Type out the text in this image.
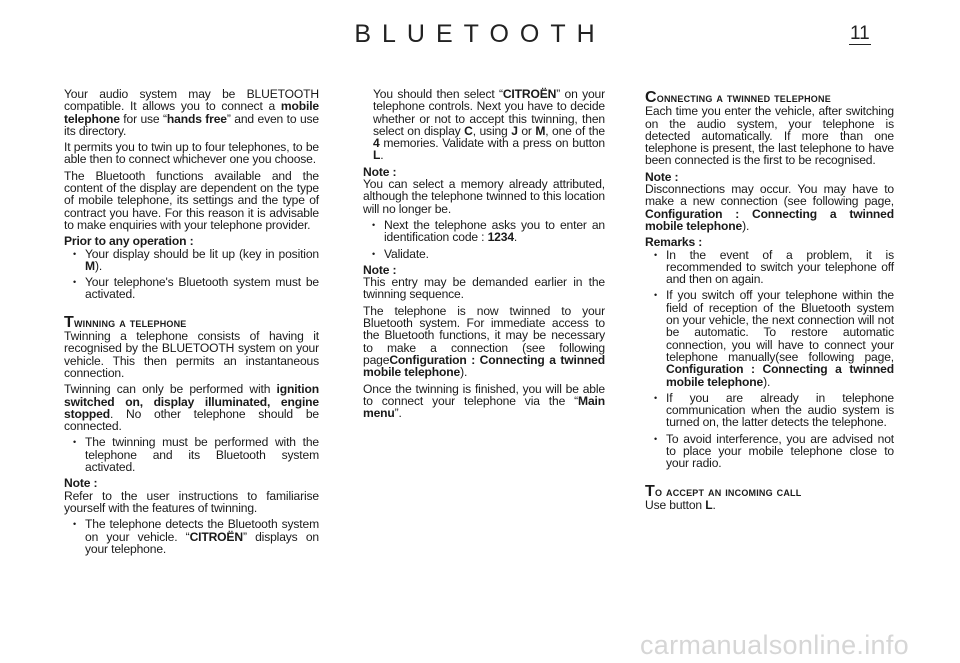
BLUETOOTH	11
Your audio system may be BLUETOOTH compatible. It allows you to connect a mobile telephone for use “hands free” and even to use its directory.
It permits you to twin up to four telephones, to be able then to connect whichever one you choose.
The Bluetooth functions available and the content of the display are dependent on the type of mobile telephone, its settings and the type of contract you have. For this reason it is advisable to make enquiries with your telephone provider.
Prior to any operation :
• Your display should be lit up (key in position M).
• Your telephone's Bluetooth system must be activated.
Twinning a telephone
Twinning a telephone consists of having it recognised by the BLUETOOTH system on your vehicle. This then permits an instantaneous connection.
Twinning can only be performed with ignition switched on, display illuminated, engine stopped. No other telephone should be connected.
• The twinning must be performed with the telephone and its Bluetooth system activated.
Note :
Refer to the user instructions to familiarise yourself with the features of twinning.
• The telephone detects the Bluetooth system on your vehicle. “CITROËN” displays on your telephone.
You should then select “CITROËN” on your telephone controls. Next you have to decide whether or not to accept this twinning, then select on display C, using J or M, one of the 4 memories. Validate with a press on button L.
Note :
You can select a memory already attributed, although the telephone twinned to this location will no longer be.
• Next the telephone asks you to enter an identification code : 1234.
• Validate.
Note :
This entry may be demanded earlier in the twinning sequence.
The telephone is now twinned to your Bluetooth system. For immediate access to the Bluetooth functions, it may be necessary to make a connection (see following pageConfiguration : Connecting a twinned mobile telephone).
Once the twinning is finished, you will be able to connect your telephone via the “Main menu”.
Connecting a twinned telephone
Each time you enter the vehicle, after switching on the audio system, your telephone is detected automatically. If more than one telephone is present, the last telephone to have been connected is the first to be recognised.
Note :
Disconnections may occur. You may have to make a new connection (see following page, Configuration : Connecting a twinned mobile telephone).
Remarks :
• In the event of a problem, it is recommended to switch your telephone off and then on again.
• If you switch off your telephone within the field of reception of the Bluetooth system on your vehicle, the next connection will not be automatic. To restore automatic connection, you will have to connect your telephone manually(see following page, Configuration : Connecting a twinned mobile telephone).
• If you are already in telephone communication when the audio system is turned on, the latter detects the telephone.
• To avoid interference, you are advised not to place your mobile telephone close to your radio.
To accept an incoming call
Use button L.
carmanualsonline.info
